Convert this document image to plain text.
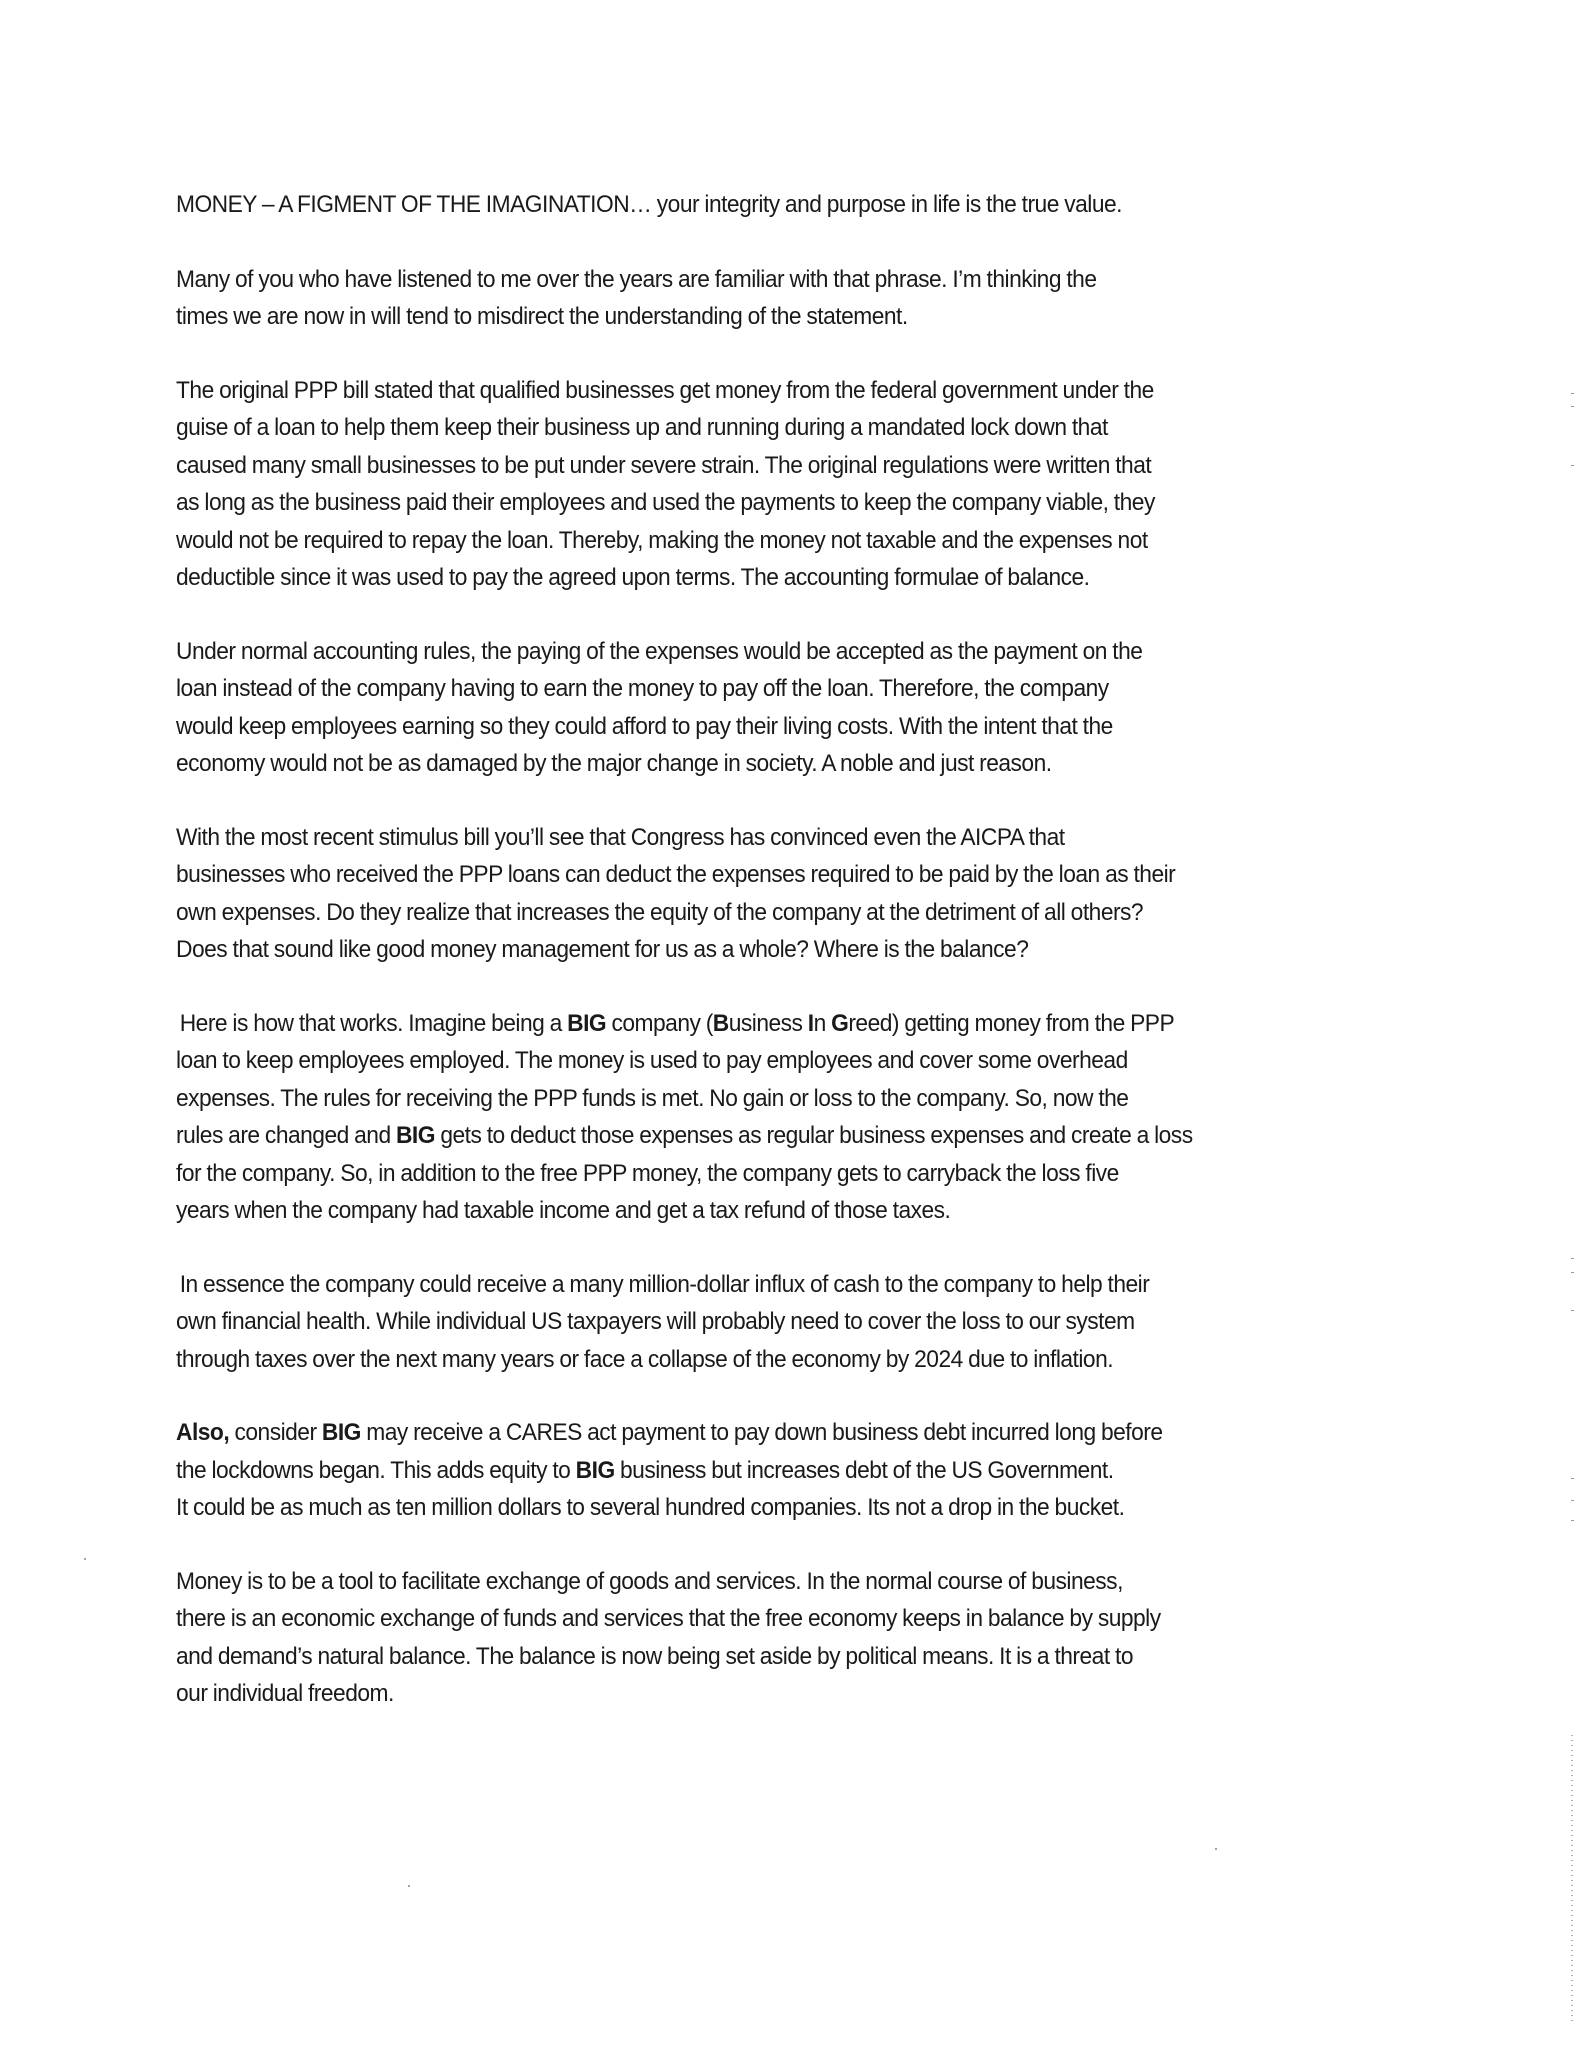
MONEY – A FIGMENT OF THE IMAGINATION… your integrity and purpose in life is the true value.
Many of you who have listened to me over the years are familiar with that phrase. I’m thinking the
times we are now in will tend to misdirect the understanding of the statement.
The original PPP bill stated that qualified businesses get money from the federal government under the
guise of a loan to help them keep their business up and running during a mandated lock down that
caused many small businesses to be put under severe strain. The original regulations were written that
as long as the business paid their employees and used the payments to keep the company viable, they
would not be required to repay the loan. Thereby, making the money not taxable and the expenses not
deductible since it was used to pay the agreed upon terms. The accounting formulae of balance.
Under normal accounting rules, the paying of the expenses would be accepted as the payment on the
loan instead of the company having to earn the money to pay off the loan. Therefore, the company
would keep employees earning so they could afford to pay their living costs. With the intent that the
economy would not be as damaged by the major change in society. A noble and just reason.
With the most recent stimulus bill you’ll see that Congress has convinced even the AICPA that
businesses who received the PPP loans can deduct the expenses required to be paid by the loan as their
own expenses. Do they realize that increases the equity of the company at the detriment of all others?
Does that sound like good money management for us as a whole? Where is the balance?
Here is how that works. Imagine being a BIG company (Business In Greed) getting money from the PPP
loan to keep employees employed. The money is used to pay employees and cover some overhead
expenses. The rules for receiving the PPP funds is met. No gain or loss to the company. So, now the
rules are changed and BIG gets to deduct those expenses as regular business expenses and create a loss
for the company. So, in addition to the free PPP money, the company gets to carryback the loss five
years when the company had taxable income and get a tax refund of those taxes.
In essence the company could receive a many million-dollar influx of cash to the company to help their
own financial health. While individual US taxpayers will probably need to cover the loss to our system
through taxes over the next many years or face a collapse of the economy by 2024 due to inflation.
Also, consider BIG may receive a CARES act payment to pay down business debt incurred long before
the lockdowns began. This adds equity to BIG business but increases debt of the US Government.
It could be as much as ten million dollars to several hundred companies. Its not a drop in the bucket.
Money is to be a tool to facilitate exchange of goods and services. In the normal course of business,
there is an economic exchange of funds and services that the free economy keeps in balance by supply
and demand’s natural balance. The balance is now being set aside by political means. It is a threat to
our individual freedom.
